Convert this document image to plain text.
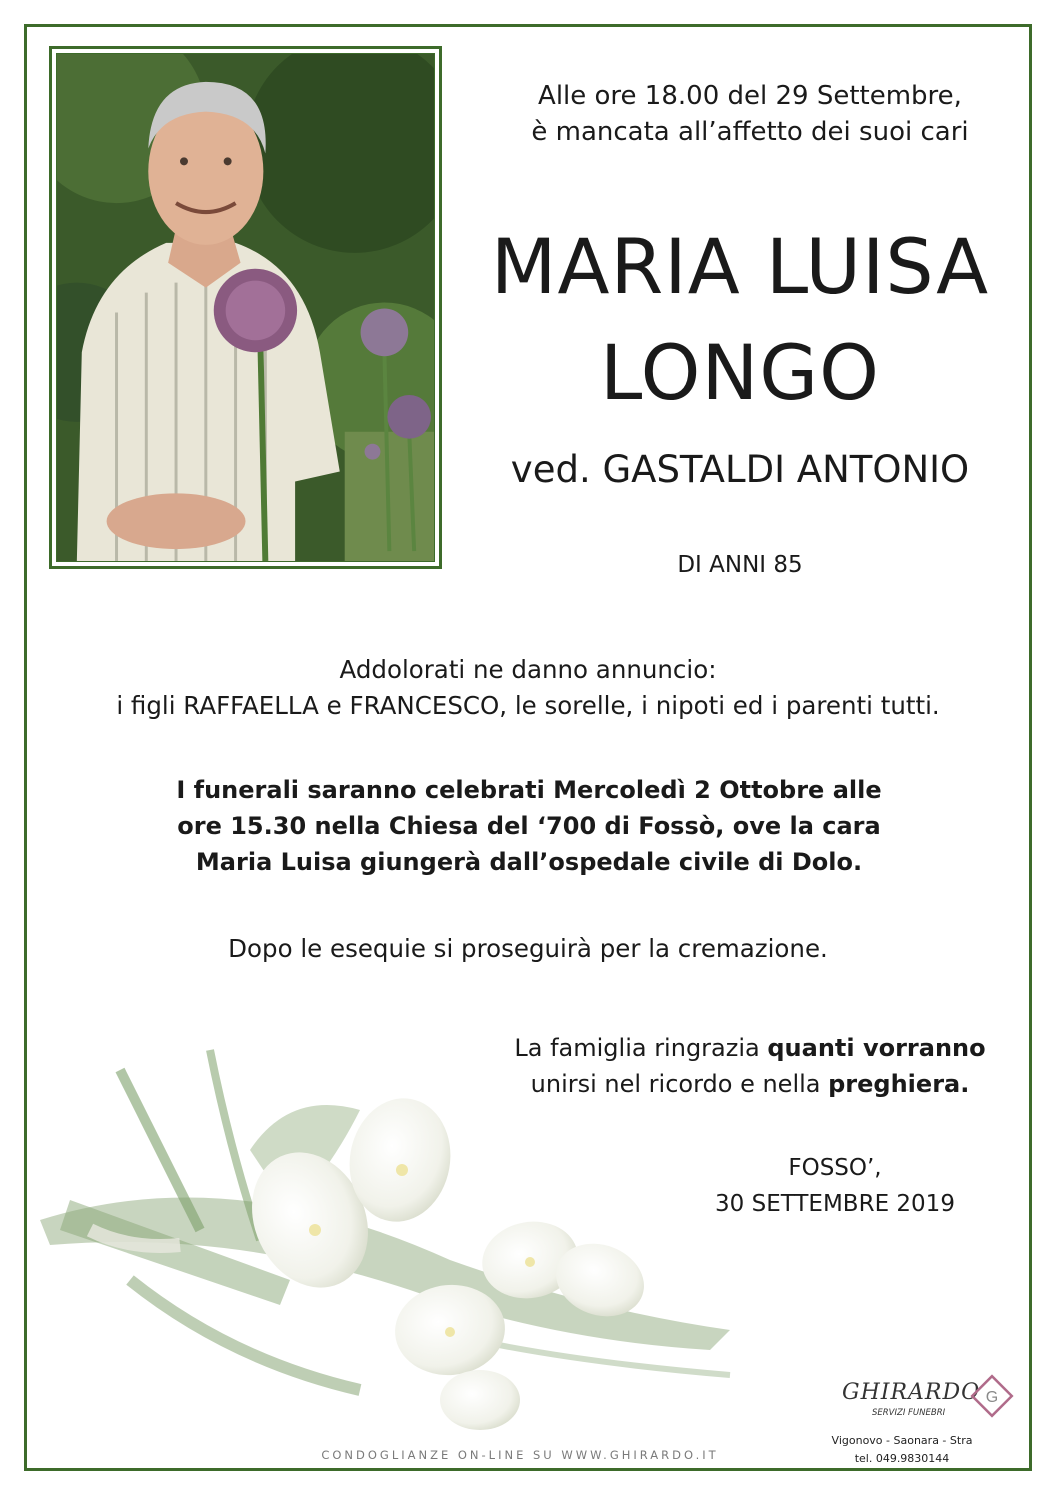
Alle ore 18.00 del 29 Settembre,
è mancata all’affetto dei suoi cari
MARIA LUISA
LONGO
ved. GASTALDI ANTONIO
DI ANNI 85
Addolorati ne danno annuncio:
i figli RAFFAELLA e FRANCESCO, le sorelle, i nipoti ed i parenti tutti.
I funerali saranno celebrati Mercoledì 2 Ottobre alle
ore 15.30 nella Chiesa del ‘700 di Fossò, ove la cara
Maria Luisa giungerà dall’ospedale civile di Dolo.
Dopo le esequie si proseguirà per la cremazione.
La famiglia ringrazia quanti vorranno
unirsi nel ricordo e nella preghiera.
FOSSO’,
30 SETTEMBRE 2019
GHIRARDO
SERVIZI FUNEBRI
G
Vigonovo - Saonara - Stra
tel. 049.9830144
CONDOGLIANZE ON-LINE SU WWW.GHIRARDO.IT
